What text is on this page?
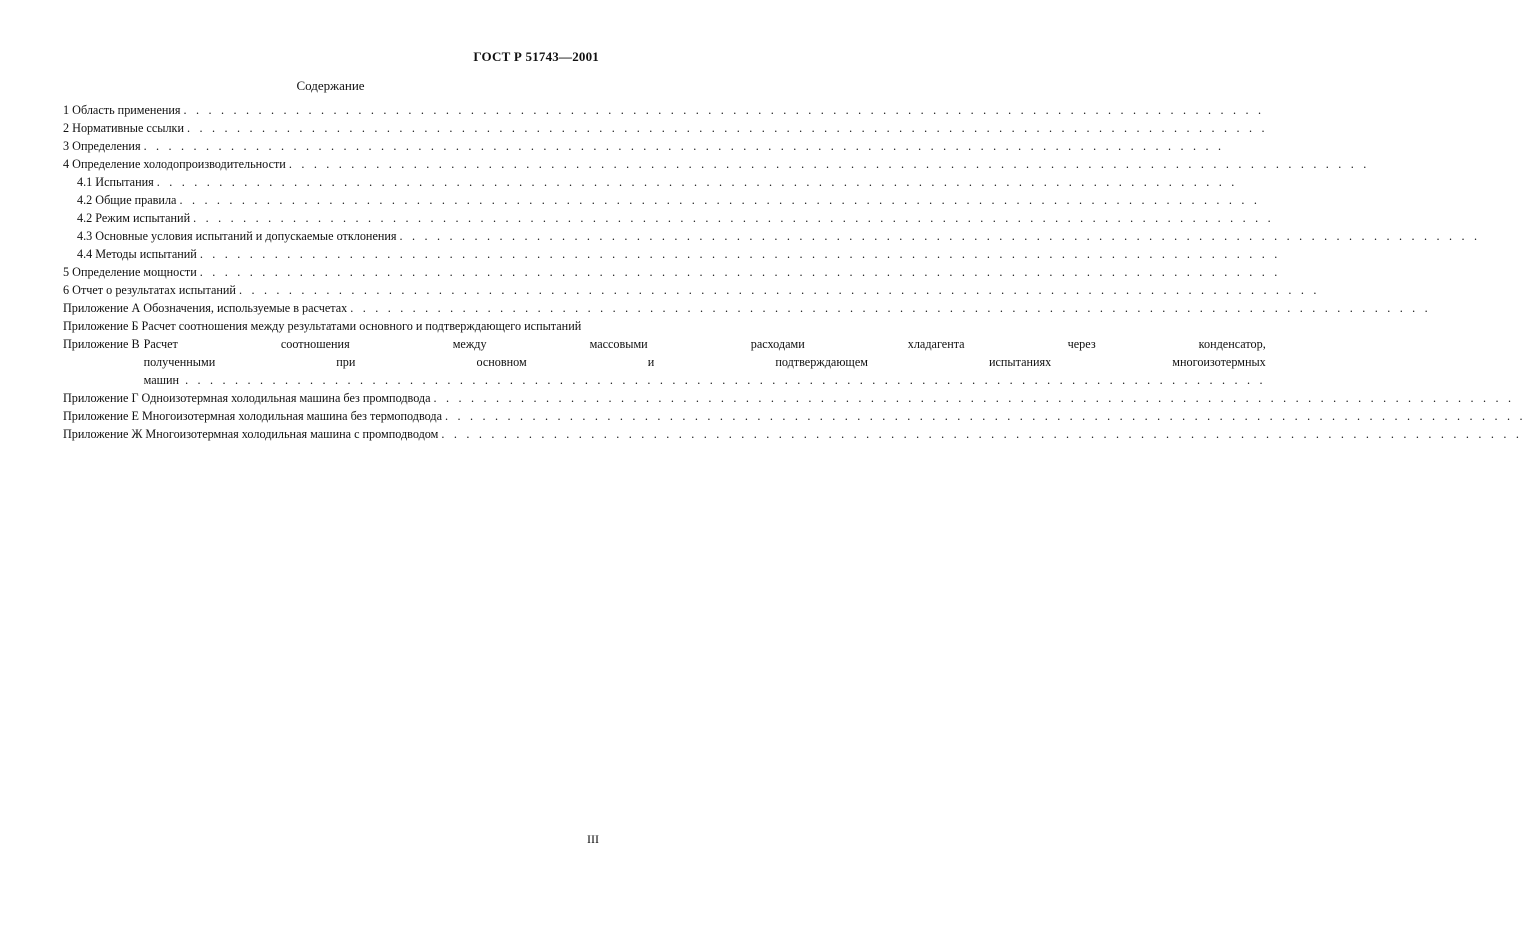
ГОСТ Р 51743—2001
Содержание
1 Область применения
. . .
2 Нормативные ссылки
. . .
3 Определения
. . .
4 Определение холодопроизводительности
. . .
4.1 Испытания
. . .
4.2 Общие правила
. . .
4.2 Режим испытаний
. . .
4.3 Основные условия испытаний и допускаемые отклонения
. . .
4.4 Методы испытаний
. . .
5 Определение мощности
. . .
6 Отчет о результатах испытаний
. . .
Приложение А Обозначения, используемые в расчетах
. . .
Приложение Б Расчет соотношения между результатами основного и подтверждающего испытаний
Приложение В Расчет соотношения между массовыми расходами хладагента через конденсатор,
полученными при основном и подтверждающем испытаниях многоизотермных
машин
. . .
Приложение Г Одноизотермная холодильная машина без промподвода
. . .
Приложение Е Многоизотермная холодильная машина без термоподвода
. . .
Приложение Ж Многоизотермная холодильная машина с промподводом
. . .
III
